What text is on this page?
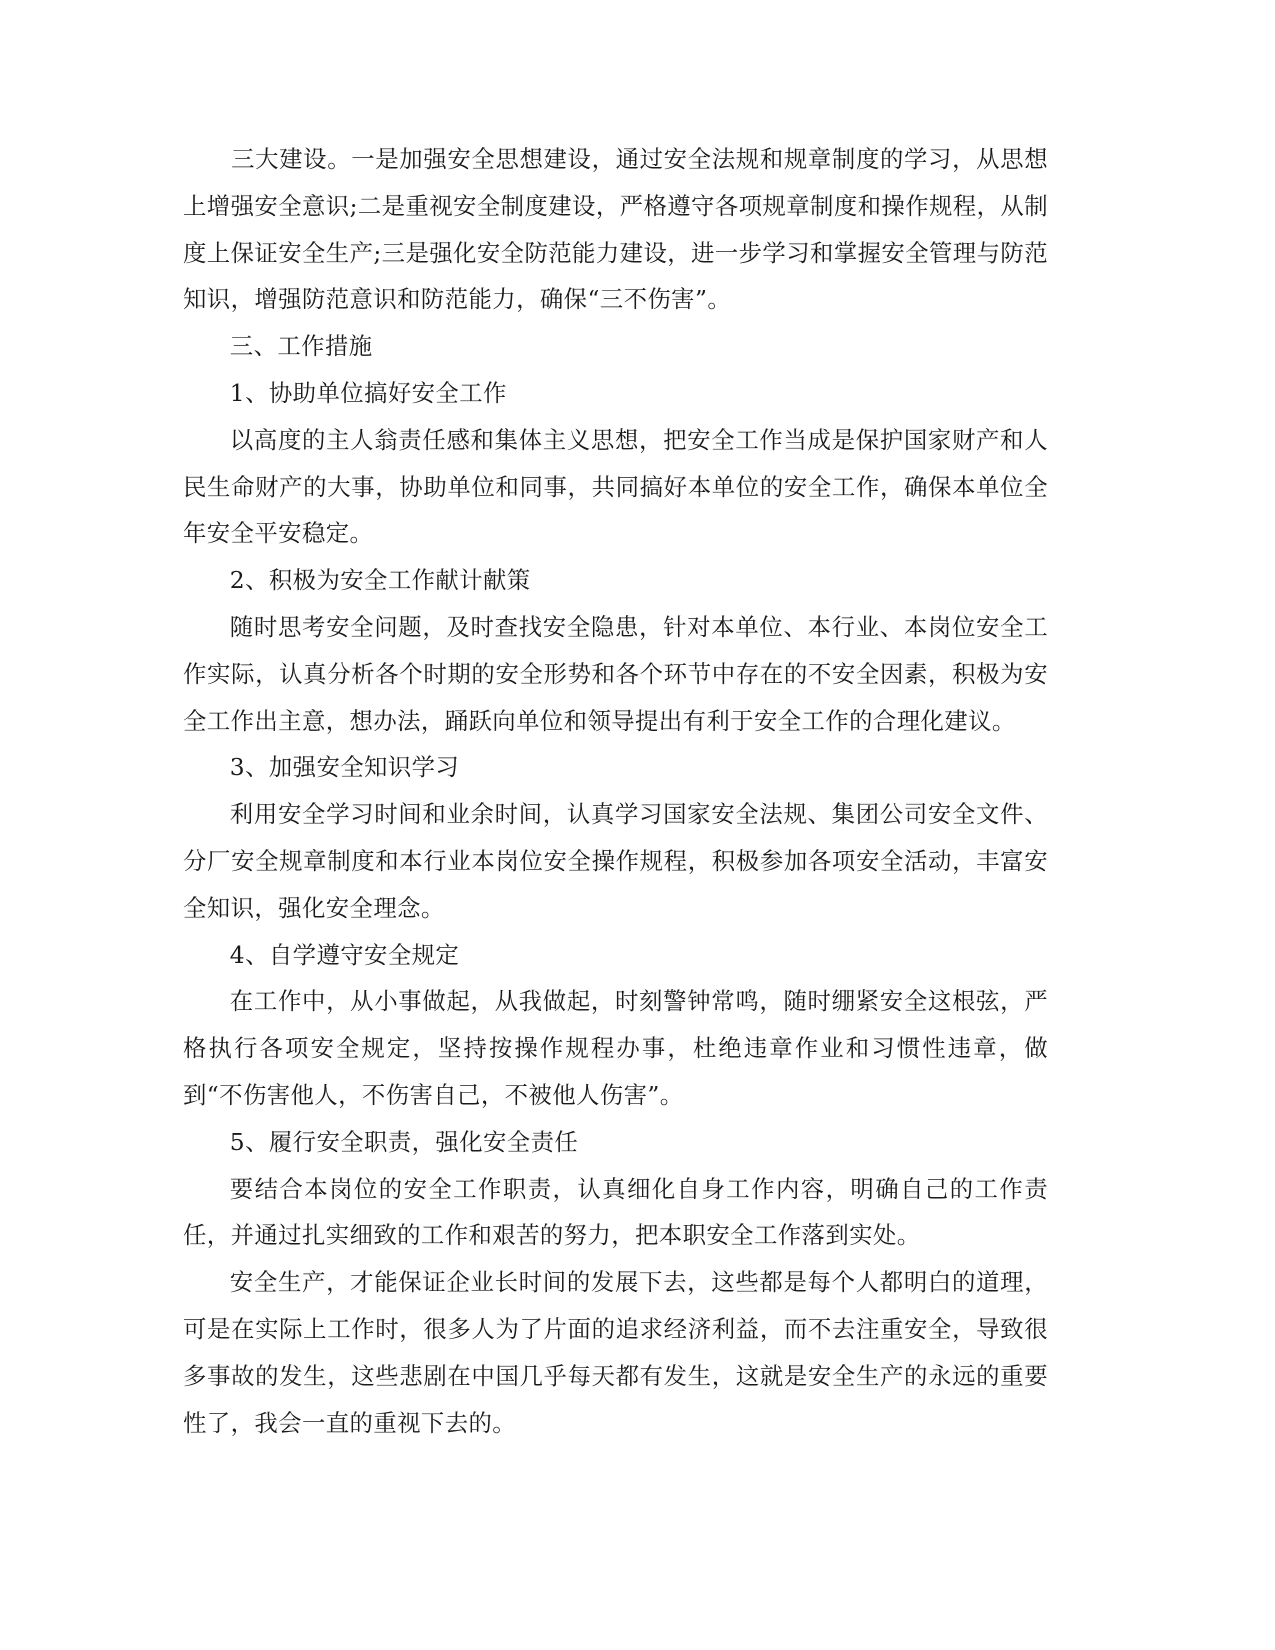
　　三大建设。一是加强安全思想建设，通过安全法规和规章制度的学习，从思想上增强安全意识;二是重视安全制度建设，严格遵守各项规章制度和操作规程，从制度上保证安全生产;三是强化安全防范能力建设，进一步学习和掌握安全管理与防范知识，增强防范意识和防范能力，确保“三不伤害”。

三、工作措施

1、协助单位搞好安全工作

以高度的主人翁责任感和集体主义思想，把安全工作当成是保护国家财产和人民生命财产的大事，协助单位和同事，共同搞好本单位的安全工作，确保本单位全年安全平安稳定。

2、积极为安全工作献计献策

随时思考安全问题，及时查找安全隐患，针对本单位、本行业、本岗位安全工作实际，认真分析各个时期的安全形势和各个环节中存在的不安全因素，积极为安全工作出主意，想办法，踊跃向单位和领导提出有利于安全工作的合理化建议。

3、加强安全知识学习

利用安全学习时间和业余时间，认真学习国家安全法规、集团公司安全文件、分厂安全规章制度和本行业本岗位安全操作规程，积极参加各项安全活动，丰富安全知识，强化安全理念。

4、自学遵守安全规定

在工作中，从小事做起，从我做起，时刻警钟常鸣，随时绷紧安全这根弦，严格执行各项安全规定，坚持按操作规程办事，杜绝违章作业和习惯性违章，做到“不伤害他人，不伤害自己，不被他人伤害”。

5、履行安全职责，强化安全责任

要结合本岗位的安全工作职责，认真细化自身工作内容，明确自己的工作责任，并通过扎实细致的工作和艰苦的努力，把本职安全工作落到实处。

安全生产，才能保证企业长时间的发展下去，这些都是每个人都明白的道理，可是在实际上工作时，很多人为了片面的追求经济利益，而不去注重安全，导致很多事故的发生，这些悲剧在中国几乎每天都有发生，这就是安全生产的永远的重要性了，我会一直的重视下去的。
